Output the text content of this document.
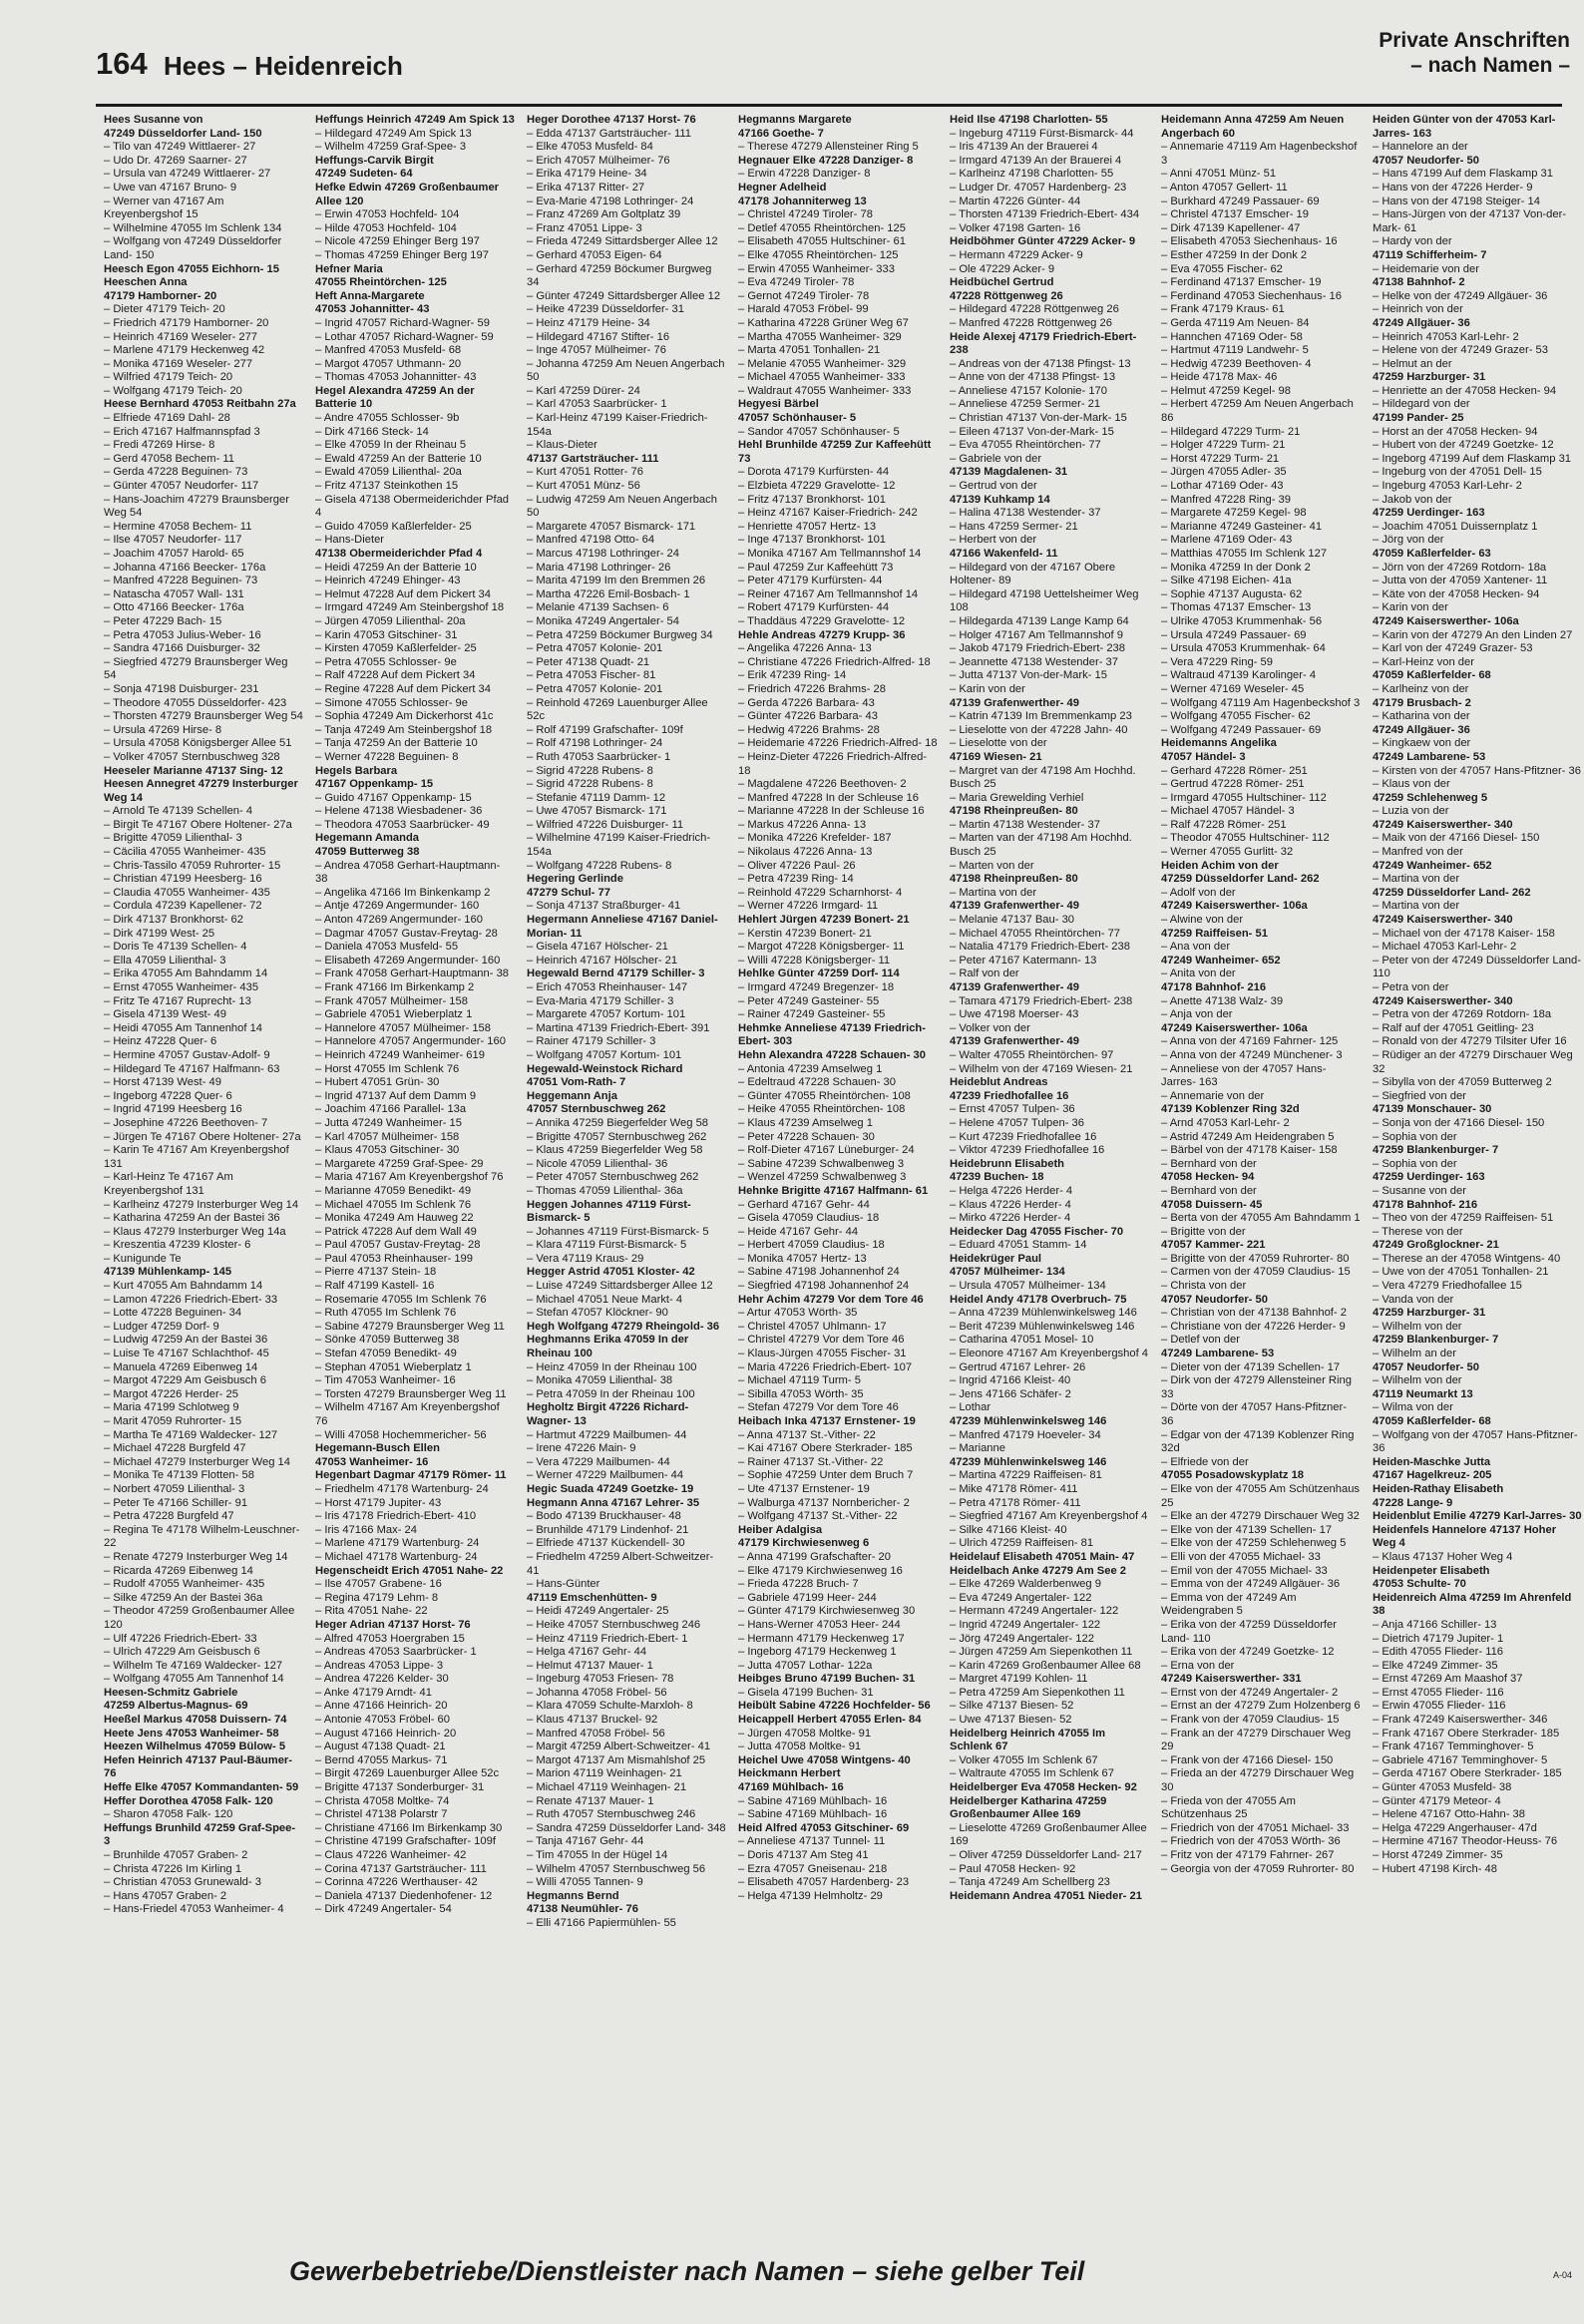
164 Hees – Heidenreich
Private Anschriften
– nach Namen –

Hees Susanne von

47249 Düsseldorfer Land- 150

– Tilo van 47249 Wittlaerer- 27

– Udo Dr. 47269 Saarner- 27

– Ursula van 47249 Wittlaerer- 27

– Uwe van 47167 Bruno- 9

– Werner van 47167 Am Kreyenbergshof 15

– Wilhelmine 47055 Im Schlenk 134

– Wolfgang von 47249 Düsseldorfer Land- 150

Heesch Egon 47055 Eichhorn- 15

Heeschen Anna

47179 Hamborner- 20

– Dieter 47179 Teich- 20

– Friedrich 47179 Hamborner- 20

– Heinrich 47169 Weseler- 277

– Marlene 47179 Heckenweg 42

– Monika 47169 Weseler- 277

– Wilfried 47179 Teich- 20

– Wolfgang 47179 Teich- 20

Heese Bernhard 47053 Reitbahn 27a

– Elfriede 47169 Dahl- 28

– Erich 47167 Halfmannspfad 3

– Fredi 47269 Hirse- 8

– Gerd 47058 Bechem- 11

– Gerda 47228 Beguinen- 73

– Günter 47057 Neudorfer- 117

– Hans-Joachim 47279 Braunsberger Weg 54

– Hermine 47058 Bechem- 11

– Ilse 47057 Neudorfer- 117

– Joachim 47057 Harold- 65

– Johanna 47166 Beecker- 176a

– Manfred 47228 Beguinen- 73

– Natascha 47057 Wall- 131

– Otto 47166 Beecker- 176a

– Peter 47229 Bach- 15

– Petra 47053 Julius-Weber- 16

– Sandra 47166 Duisburger- 32

– Siegfried 47279 Braunsberger Weg 54

– Sonja 47198 Duisburger- 231

– Theodore 47055 Düsseldorfer- 423

– Thorsten 47279 Braunsberger Weg 54

– Ursula 47269 Hirse- 8

– Ursula 47058 Königsberger Allee 51

– Volker 47057 Sternbuschweg 328

Heeseler Marianne 47137 Sing- 12

Heesen Annegret 47279 Insterburger Weg 14

– Arnold Te 47139 Schellen- 4

– Birgit Te 47167 Obere Holtener- 27a

– Brigitte 47059 Lilienthal- 3

– Cäcilia 47055 Wanheimer- 435

– Chris-Tassilo 47059 Ruhrorter- 15

– Christian 47199 Heesberg- 16

– Claudia 47055 Wanheimer- 435

– Cordula 47239 Kapellener- 72

– Dirk 47137 Bronkhorst- 62

– Dirk 47199 West- 25

– Doris Te 47139 Schellen- 4

– Ella 47059 Lilienthal- 3

– Erika 47055 Am Bahndamm 14

– Ernst 47055 Wanheimer- 435

– Fritz Te 47167 Ruprecht- 13

– Gisela 47139 West- 49

– Heidi 47055 Am Tannenhof 14

– Heinz 47228 Quer- 6

– Hermine 47057 Gustav-Adolf- 9

– Hildegard Te 47167 Halfmann- 63

– Horst 47139 West- 49

– Ingeborg 47228 Quer- 6

– Ingrid 47199 Heesberg 16

– Josephine 47226 Beethoven- 7

– Jürgen Te 47167 Obere Holtener- 27a

– Karin Te 47167 Am Kreyenbergshof 131

– Karl-Heinz Te 47167 Am Kreyenbergshof 131

– Karlheinz 47279 Insterburger Weg 14

– Katharina 47259 An der Bastei 36

– Klaus 47279 Insterburger Weg 14a

– Kreszentia 47239 Kloster- 6

– Kunigunde Te

47139 Mühlenkamp- 145

– Kurt 47055 Am Bahndamm 14

– Lamon 47226 Friedrich-Ebert- 33

– Lotte 47228 Beguinen- 34

– Ludger 47259 Dorf- 9

– Ludwig 47259 An der Bastei 36

– Luise Te 47167 Schlachthof- 45

– Manuela 47269 Eibenweg 14

– Margot 47229 Am Geisbusch 6

– Margot 47226 Herder- 25

– Maria 47199 Schlotweg 9

– Marit 47059 Ruhrorter- 15

– Martha Te 47169 Waldecker- 127

– Michael 47228 Burgfeld 47

– Michael 47279 Insterburger Weg 14

– Monika Te 47139 Flotten- 58

– Norbert 47059 Lilienthal- 3

– Peter Te 47166 Schiller- 91

– Petra 47228 Burgfeld 47

– Regina Te 47178 Wilhelm-Leuschner- 22

– Renate 47279 Insterburger Weg 14

– Ricarda 47269 Eibenweg 14

– Rudolf 47055 Wanheimer- 435

– Silke 47259 An der Bastei 36a

– Theodor 47259 Großenbaumer Allee 120

– Ulf 47226 Friedrich-Ebert- 33

– Ulrich 47229 Am Geisbusch 6

– Wilhelm Te 47169 Waldecker- 127

– Wolfgang 47055 Am Tannenhof 14

Heesen-Schmitz Gabriele

47259 Albertus-Magnus- 69

Heeßel Markus 47058 Duissern- 74

Heete Jens 47053 Wanheimer- 58

Heezen Wilhelmus 47059 Bülow- 5

Hefen Heinrich 47137 Paul-Bäumer- 76

Heffe Elke 47057 Kommandanten- 59

Heffer Dorothea 47058 Falk- 120

– Sharon 47058 Falk- 120

Heffungs Brunhild 47259 Graf-Spee- 3

– Brunhilde 47057 Graben- 2

– Christa 47226 Im Kirling 1

– Christian 47053 Grunewald- 3

– Hans 47057 Graben- 2

– Hans-Friedel 47053 Wanheimer- 4

Heffungs Heinrich 47249 Am Spick 13

– Hildegard 47249 Am Spick 13

– Wilhelm 47259 Graf-Spee- 3

Heffungs-Carvik Birgit

47249 Sudeten- 64

Hefke Edwin 47269 Großenbaumer Allee 120

– Erwin 47053 Hochfeld- 104

– Hilde 47053 Hochfeld- 104

– Nicole 47259 Ehinger Berg 197

– Thomas 47259 Ehinger Berg 197

Hefner Maria

47055 Rheintörchen- 125

Heft Anna-Margarete

47053 Johannitter- 43

– Ingrid 47057 Richard-Wagner- 59

– Lothar 47057 Richard-Wagner- 59

– Manfred 47053 Musfeld- 68

– Margot 47057 Uthmann- 20

– Thomas 47053 Johannitter- 43

Hegel Alexandra 47259 An der Batterie 10

– Andre 47055 Schlosser- 9b

– Dirk 47166 Steck- 14

– Elke 47059 In der Rheinau 5

– Ewald 47259 An der Batterie 10

– Ewald 47059 Lilienthal- 20a

– Fritz 47137 Steinkothen 15

– Gisela 47138 Obermeiderichder Pfad 4

– Guido 47059 Kaßlerfelder- 25

– Hans-Dieter

47138 Obermeiderichder Pfad 4

– Heidi 47259 An der Batterie 10

– Heinrich 47249 Ehinger- 43

– Helmut 47228 Auf dem Pickert 34

– Irmgard 47249 Am Steinbergshof 18

– Jürgen 47059 Lilienthal- 20a

– Karin 47053 Gitschiner- 31

– Kirsten 47059 Kaßlerfelder- 25

– Petra 47055 Schlosser- 9e

– Ralf 47228 Auf dem Pickert 34

– Regine 47228 Auf dem Pickert 34

– Simone 47055 Schlosser- 9e

– Sophia 47249 Am Dickerhorst 41c

– Tanja 47249 Am Steinbergshof 18

– Tanja 47259 An der Batterie 10

– Werner 47228 Beguinen- 8

Hegels Barbara

47167 Oppenkamp- 15

– Guido 47167 Oppenkamp- 15

– Helene 47138 Wiesbadener- 36

– Theodora 47053 Saarbrücker- 49

Hegemann Amanda

47059 Butterweg 38

– Andrea 47058 Gerhart-Hauptmann- 38

– Angelika 47166 Im Binkenkamp 2

– Antje 47269 Angermunder- 160

– Anton 47269 Angermunder- 160

– Dagmar 47057 Gustav-Freytag- 28

– Daniela 47053 Musfeld- 55

– Elisabeth 47269 Angermunder- 160

– Frank 47058 Gerhart-Hauptmann- 38

– Frank 47166 Im Birkenkamp 2

– Frank 47057 Mülheimer- 158

– Gabriele 47051 Wieberplatz 1

– Hannelore 47057 Mülheimer- 158

– Hannelore 47057 Angermunder- 160

– Heinrich 47249 Wanheimer- 619

– Horst 47055 Im Schlenk 76

– Hubert 47051 Grün- 30

– Ingrid 47137 Auf dem Damm 9

– Joachim 47166 Parallel- 13a

– Jutta 47249 Wanheimer- 15

– Karl 47057 Mülheimer- 158

– Klaus 47053 Gitschiner- 30

– Margarete 47259 Graf-Spee- 29

– Maria 47167 Am Kreyenbergshof 76

– Marianne 47059 Benedikt- 49

– Michael 47055 Im Schlenk 76

– Monika 47249 Am Hauweg 22

– Patrick 47228 Auf dem Wall 49

– Paul 47057 Gustav-Freytag- 28

– Paul 47053 Rheinhauser- 199

– Pierre 47137 Stein- 18

– Ralf 47199 Kastell- 16

– Rosemarie 47055 Im Schlenk 76

– Ruth 47055 Im Schlenk 76

– Sabine 47279 Braunsberger Weg 11

– Sönke 47059 Butterweg 38

– Stefan 47059 Benedikt- 49

– Stephan 47051 Wieberplatz 1

– Tim 47053 Wanheimer- 16

– Torsten 47279 Braunsberger Weg 11

– Wilhelm 47167 Am Kreyenbergshof 76

– Willi 47058 Hochemmericher- 56

Hegemann-Busch Ellen

47053 Wanheimer- 16

Hegenbart Dagmar 47179 Römer- 11

– Friedhelm 47178 Wartenburg- 24

– Horst 47179 Jupiter- 43

– Iris 47178 Friedrich-Ebert- 410

– Iris 47166 Max- 24

– Marlene 47179 Wartenburg- 24

– Michael 47178 Wartenburg- 24

Hegenscheidt Erich 47051 Nahe- 22

– Ilse 47057 Grabene- 16

– Regina 47179 Lehm- 8

– Rita 47051 Nahe- 22

Heger Adrian 47137 Horst- 76

– Alfred 47053 Hoergraben 15

– Andreas 47053 Saarbrücker- 1

– Andreas 47053 Lippe- 3

– Andrea 47226 Kelder- 30

– Anke 47179 Arndt- 41

– Anne 47166 Heinrich- 20

– Antonie 47053 Fröbel- 60

– August 47166 Heinrich- 20

– August 47138 Quadt- 21

– Bernd 47055 Markus- 71

– Birgit 47269 Lauenburger Allee 52c

– Brigitte 47137 Sonderburger- 31

– Christa 47058 Moltke- 74

– Christel 47138 Polarstr 7

– Christiane 47166 Im Birkenkamp 30

– Christine 47199 Grafschafter- 109f

– Claus 47226 Wanheimer- 42

– Corina 47137 Gartsträucher- 111

– Corinna 47226 Werthauser- 42

– Daniela 47137 Diedenhofener- 12

– Dirk 47249 Angertaler- 54

Heger Dorothee 47137 Horst- 76

– Edda 47137 Gartsträucher- 111

– Elke 47053 Musfeld- 84

– Erich 47057 Mülheimer- 76

– Erika 47179 Heine- 34

– Erika 47137 Ritter- 27

– Eva-Marie 47198 Lothringer- 24

– Franz 47269 Am Goltplatz 39

– Franz 47051 Lippe- 3

– Frieda 47249 Sittardsberger Allee 12

– Gerhard 47053 Eigen- 64

– Gerhard 47259 Böckumer Burgweg 34

– Günter 47249 Sittardsberger Allee 12

– Heike 47239 Düsseldorfer- 31

– Heinz 47179 Heine- 34

– Hildegard 47167 Stifter- 16

– Inge 47057 Mülheimer- 76

– Johanna 47259 Am Neuen Angerbach 50

– Karl 47259 Dürer- 24

– Karl 47053 Saarbrücker- 1

– Karl-Heinz 47199 Kaiser-Friedrich- 154a

– Klaus-Dieter

47137 Gartsträucher- 111

– Kurt 47051 Rotter- 76

– Kurt 47051 Münz- 56

– Ludwig 47259 Am Neuen Angerbach 50

– Margarete 47057 Bismarck- 171

– Manfred 47198 Otto- 64

– Marcus 47198 Lothringer- 24

– Maria 47198 Lothringer- 26

– Marita 47199 Im den Bremmen 26

– Martha 47226 Emil-Bosbach- 1

– Melanie 47139 Sachsen- 6

– Monika 47249 Angertaler- 54

– Petra 47259 Böckumer Burgweg 34

– Petra 47057 Kolonie- 201

– Peter 47138 Quadt- 21

– Petra 47053 Fischer- 81

– Petra 47057 Kolonie- 201

– Reinhold 47269 Lauenburger Allee 52c

– Rolf 47199 Grafschafter- 109f

– Rolf 47198 Lothringer- 24

– Ruth 47053 Saarbrücker- 1

– Sigrid 47228 Rubens- 8

– Sigrid 47228 Rubens- 8

– Stefanie 47119 Damm- 12

– Uwe 47057 Bismarck- 171

– Wilfried 47226 Duisburger- 11

– Wilhelmine 47199 Kaiser-Friedrich- 154a

– Wolfgang 47228 Rubens- 8

Hegering Gerlinde

47279 Schul- 77

– Sonja 47137 Straßburger- 41

Hegermann Anneliese 47167 Daniel-Morian- 11

– Gisela 47167 Hölscher- 21

– Heinrich 47167 Hölscher- 21

Hegewald Bernd 47179 Schiller- 3

– Erich 47053 Rheinhauser- 147

– Eva-Maria 47179 Schiller- 3

– Margarete 47057 Kortum- 101

– Martina 47139 Friedrich-Ebert- 391

– Rainer 47179 Schiller- 3

– Wolfgang 47057 Kortum- 101

Hegewald-Weinstock Richard

47051 Vom-Rath- 7

Heggemann Anja

47057 Sternbuschweg 262

– Annika 47259 Biegerfelder Weg 58

– Brigitte 47057 Sternbuschweg 262

– Klaus 47259 Biegerfelder Weg 58

– Nicole 47059 Lilienthal- 36

– Peter 47057 Sternbuschweg 262

– Thomas 47059 Lilienthal- 36a

Heggen Johannes 47119 Fürst-Bismarck- 5

– Johannes 47119 Fürst-Bismarck- 5

– Klara 47119 Fürst-Bismarck- 5

– Vera 47119 Kraus- 29

Hegger Astrid 47051 Kloster- 42

– Luise 47249 Sittardsberger Allee 12

– Michael 47051 Neue Markt- 4

– Stefan 47057 Klöckner- 90

Hegh Wolfgang 47279 Rheingold- 36

Heghmanns Erika 47059 In der Rheinau 100

– Heinz 47059 In der Rheinau 100

– Monika 47059 Lilienthal- 38

– Petra 47059 In der Rheinau 100

Hegholtz Birgit 47226 Richard-Wagner- 13

– Hartmut 47229 Mailbumen- 44

– Irene 47226 Main- 9

– Vera 47229 Mailbumen- 44

– Werner 47229 Mailbumen- 44

Hegic Suada 47249 Goetzke- 19

Hegmann Anna 47167 Lehrer- 35

– Bodo 47139 Bruckhauser- 48

– Brunhilde 47179 Lindenhof- 21

– Elfriede 47137 Kückendell- 30

– Friedhelm 47259 Albert-Schweitzer- 41

– Hans-Günter

47119 Emschenhütten- 9

– Heidi 47249 Angertaler- 25

– Heike 47057 Sternbuschweg 246

– Heinz 47119 Friedrich-Ebert- 1

– Helga 47167 Gehr- 44

– Helmut 47137 Mauer- 1

– Ingeburg 47053 Friesen- 78

– Johanna 47058 Fröbel- 56

– Klara 47059 Schulte-Marxloh- 8

– Klaus 47137 Bruckel- 92

– Manfred 47058 Fröbel- 56

– Margit 47259 Albert-Schweitzer- 41

– Margot 47137 Am Mismahlshof 25

– Marion 47119 Weinhagen- 21

– Michael 47119 Weinhagen- 21

– Renate 47137 Mauer- 1

– Ruth 47057 Sternbuschweg 246

– Sandra 47259 Düsseldorfer Land- 348

– Tanja 47167 Gehr- 44

– Tim 47055 In der Hügel 14

– Wilhelm 47057 Sternbuschweg 56

– Willi 47055 Tannen- 9

Hegmanns Bernd

47138 Neumühler- 76

– Elli 47166 Papiermühlen- 55

Hegmanns Margarete

47166 Goethe- 7

– Therese 47279 Allensteiner Ring 5

Hegnauer Elke 47228 Danziger- 8

– Erwin 47228 Danziger- 8

Hegner Adelheid

47178 Johanniterweg 13

– Christel 47249 Tiroler- 78

– Detlef 47055 Rheintörchen- 125

– Elisabeth 47055 Hultschiner- 61

– Elke 47055 Rheintörchen- 125

– Erwin 47055 Wanheimer- 333

– Eva 47249 Tiroler- 78

– Gernot 47249 Tiroler- 78

– Harald 47053 Fröbel- 99

– Katharina 47228 Grüner Weg 67

– Martha 47055 Wanheimer- 329

– Marta 47051 Tonhallen- 21

– Melanie 47055 Wanheimer- 329

– Michael 47055 Wanheimer- 333

– Waldraut 47055 Wanheimer- 333

Hegyesi Bärbel

47057 Schönhauser- 5

– Sandor 47057 Schönhauser- 5

Hehl Brunhilde 47259 Zur Kaffeehütt 73

– Dorota 47179 Kurfürsten- 44

– Elzbieta 47229 Gravelotte- 12

– Fritz 47137 Bronkhorst- 101

– Heinz 47167 Kaiser-Friedrich- 242

– Henriette 47057 Hertz- 13

– Inge 47137 Bronkhorst- 101

– Monika 47167 Am Tellmannshof 14

– Paul 47259 Zur Kaffeehütt 73

– Peter 47179 Kurfürsten- 44

– Reiner 47167 Am Tellmannshof 14

– Robert 47179 Kurfürsten- 44

– Thaddäus 47229 Gravelotte- 12

Hehle Andreas 47279 Krupp- 36

– Angelika 47226 Anna- 13

– Christiane 47226 Friedrich-Alfred- 18

– Erik 47239 Ring- 14

– Friedrich 47226 Brahms- 28

– Gerda 47226 Barbara- 43

– Günter 47226 Barbara- 43

– Hedwig 47226 Brahms- 28

– Heidemarie 47226 Friedrich-Alfred- 18

– Heinz-Dieter 47226 Friedrich-Alfred- 18

– Magdalene 47226 Beethoven- 2

– Manfred 47228 In der Schleuse 16

– Marianne 47228 In der Schleuse 16

– Markus 47226 Anna- 13

– Monika 47226 Krefelder- 187

– Nikolaus 47226 Anna- 13

– Oliver 47226 Paul- 26

– Petra 47239 Ring- 14

– Reinhold 47229 Scharnhorst- 4

– Werner 47226 Irmgard- 11

Hehlert Jürgen 47239 Bonert- 21

– Kerstin 47239 Bonert- 21

– Margot 47228 Königsberger- 11

– Willi 47228 Königsberger- 11

Hehlke Günter 47259 Dorf- 114

– Irmgard 47249 Bregenzer- 18

– Peter 47249 Gasteiner- 55

– Rainer 47249 Gasteiner- 55

Hehmke Anneliese 47139 Friedrich-Ebert- 303

Hehn Alexandra 47228 Schauen- 30

– Antonia 47239 Amselweg 1

– Edeltraud 47228 Schauen- 30

– Günter 47055 Rheintörchen- 108

– Heike 47055 Rheintörchen- 108

– Klaus 47239 Amselweg 1

– Peter 47228 Schauen- 30

– Rolf-Dieter 47167 Lüneburger- 24

– Sabine 47239 Schwalbenweg 3

– Wenzel 47259 Schwalbenweg 3

Hehnke Brigitte 47167 Halfmann- 61

– Gerhard 47167 Gehr- 44

– Gisela 47059 Claudius- 18

– Heide 47167 Gehr- 44

– Herbert 47059 Claudius- 18

– Monika 47057 Hertz- 13

– Sabine 47198 Johannenhof 24

– Siegfried 47198 Johannenhof 24

Hehr Achim 47279 Vor dem Tore 46

– Artur 47053 Wörth- 35

– Christel 47057 Uhlmann- 17

– Christel 47279 Vor dem Tore 46

– Klaus-Jürgen 47055 Fischer- 31

– Maria 47226 Friedrich-Ebert- 107

– Michael 47119 Turm- 5

– Sibilla 47053 Wörth- 35

– Stefan 47279 Vor dem Tore 46

Heibach Inka 47137 Ernstener- 19

– Anna 47137 St.-Vither- 22

– Kai 47167 Obere Sterkrader- 185

– Rainer 47137 St.-Vither- 22

– Sophie 47259 Unter dem Bruch 7

– Ute 47137 Ernstener- 19

– Walburga 47137 Nornbericher- 2

– Wolfgang 47137 St.-Vither- 22

Heiber Adalgisa

47179 Kirchwiesenweg 6

– Anna 47199 Grafschafter- 20

– Elke 47179 Kirchwiesenweg 16

– Frieda 47228 Bruch- 7

– Gabriele 47199 Heer- 244

– Günter 47179 Kirchwiesenweg 30

– Hans-Werner 47053 Heer- 244

– Hermann 47179 Heckenweg 17

– Ingeborg 47179 Heckenweg 1

– Jutta 47057 Lothar- 122a

Heibges Bruno 47199 Buchen- 31

– Gisela 47199 Buchen- 31

Heibült Sabine 47226 Hochfelder- 56

Heicappell Herbert 47055 Erlen- 84

– Jürgen 47058 Moltke- 91

– Jutta 47058 Moltke- 91

Heichel Uwe 47058 Wintgens- 40

Heickmann Herbert

47169 Mühlbach- 16

– Sabine 47169 Mühlbach- 16

– Sabine 47169 Mühlbach- 16

Heid Alfred 47053 Gitschiner- 69

– Anneliese 47137 Tunnel- 11

– Doris 47137 Am Steg 41

– Ezra 47057 Gneisenau- 218

– Elisabeth 47057 Hardenberg- 23

– Helga 47139 Helmholtz- 29

Heid Ilse 47198 Charlotten- 55

– Ingeburg 47119 Fürst-Bismarck- 44

– Iris 47139 An der Brauerei 4

– Irmgard 47139 An der Brauerei 4

– Karlheinz 47198 Charlotten- 55

– Ludger Dr. 47057 Hardenberg- 23

– Martin 47226 Günter- 44

– Thorsten 47139 Friedrich-Ebert- 434

– Volker 47198 Garten- 16

Heidböhmer Günter 47229 Acker- 9

– Hermann 47229 Acker- 9

– Ole 47229 Acker- 9

Heidbüchel Gertrud

47228 Röttgenweg 26

– Hildegard 47228 Röttgenweg 26

– Manfred 47228 Röttgenweg 26

Heide Alexej 47179 Friedrich-Ebert- 238

– Andreas von der 47138 Pfingst- 13

– Anne von der 47138 Pfingst- 13

– Anneliese 47157 Kolonie- 170

– Anneliese 47259 Sermer- 21

– Christian 47137 Von-der-Mark- 15

– Eileen 47137 Von-der-Mark- 15

– Eva 47055 Rheintörchen- 77

– Gabriele von der

47139 Magdalenen- 31

– Gertrud von der

47139 Kuhkamp 14

– Halina 47138 Westender- 37

– Hans 47259 Sermer- 21

– Herbert von der

47166 Wakenfeld- 11

– Hildegard von der 47167 Obere Holtener- 89

– Hildegard 47198 Uettelsheimer Weg 108

– Hildegarda 47139 Lange Kamp 64

– Holger 47167 Am Tellmannshof 9

– Jakob 47179 Friedrich-Ebert- 238

– Jeannette 47138 Westender- 37

– Jutta 47137 Von-der-Mark- 15

– Karin von der

47139 Grafenwerther- 49

– Katrin 47139 Im Bremmenkamp 23

– Lieselotte von der 47228 Jahn- 40

– Lieselotte von der

47169 Wiesen- 21

– Margret van der 47198 Am Hochhd. Busch 25

– Maria Grewelding Verhiel

47198 Rheinpreußen- 80

– Martin 47138 Westender- 37

– Marten van der 47198 Am Hochhd. Busch 25

– Marten von der

47198 Rheinpreußen- 80

– Martina von der

47139 Grafenwerther- 49

– Melanie 47137 Bau- 30

– Michael 47055 Rheintörchen- 77

– Natalia 47179 Friedrich-Ebert- 238

– Peter 47167 Katermann- 13

– Ralf von der

47139 Grafenwerther- 49

– Tamara 47179 Friedrich-Ebert- 238

– Uwe 47198 Moerser- 43

– Volker von der

47139 Grafenwerther- 49

– Walter 47055 Rheintörchen- 97

– Wilhelm von der 47169 Wiesen- 21

Heideblut Andreas

47239 Friedhofallee 16

– Ernst 47057 Tulpen- 36

– Helene 47057 Tulpen- 36

– Kurt 47239 Friedhofallee 16

– Viktor 47239 Friedhofallee 16

Heidebrunn Elisabeth

47239 Buchen- 18

– Helga 47226 Herder- 4

– Klaus 47226 Herder- 4

– Mirko 47226 Herder- 4

Heidecker Dag 47055 Fischer- 70

– Eduard 47051 Stamm- 14

Heidekrüger Paul

47057 Mülheimer- 134

– Ursula 47057 Mülheimer- 134

Heidel Andy 47178 Overbruch- 75

– Anna 47239 Mühlenwinkelsweg 146

– Berit 47239 Mühlenwinkelsweg 146

– Catharina 47051 Mosel- 10

– Eleonore 47167 Am Kreyenbergshof 4

– Gertrud 47167 Lehrer- 26

– Ingrid 47166 Kleist- 40

– Jens 47166 Schäfer- 2

– Lothar

47239 Mühlenwinkelsweg 146

– Manfred 47179 Hoeveler- 34

– Marianne

47239 Mühlenwinkelsweg 146

– Martina 47229 Raiffeisen- 81

– Mike 47178 Römer- 411

– Petra 47178 Römer- 411

– Siegfried 47167 Am Kreyenbergshof 4

– Silke 47166 Kleist- 40

– Ulrich 47259 Raiffeisen- 81

Heidelauf Elisabeth 47051 Main- 47

Heidelbach Anke 47279 Am See 2

– Elke 47269 Walderbenweg 9

– Eva 47249 Angertaler- 122

– Hermann 47249 Angertaler- 122

– Ingrid 47249 Angertaler- 122

– Jörg 47249 Angertaler- 122

– Jürgen 47259 Am Siepenkothen 11

– Karin 47269 Großenbaumer Allee 68

– Margret 47199 Kohlen- 11

– Petra 47259 Am Siepenkothen 11

– Silke 47137 Biesen- 52

– Uwe 47137 Biesen- 52

Heidelberg Heinrich 47055 Im Schlenk 67

– Volker 47055 Im Schlenk 67

– Waltraute 47055 Im Schlenk 67

Heidelberger Eva 47058 Hecken- 92

Heidelberger Katharina 47259 Großenbaumer Allee 169

– Lieselotte 47269 Großenbaumer Allee 169

– Oliver 47259 Düsseldorfer Land- 217

– Paul 47058 Hecken- 92

– Tanja 47249 Am Schellberg 23

Heidemann Andrea 47051 Nieder- 21

Heidemann Anna 47259 Am Neuen Angerbach 60

– Annemarie 47119 Am Hagenbeckshof 3

– Anni 47051 Münz- 51

– Anton 47057 Gellert- 11

– Burkhard 47249 Passauer- 69

– Christel 47137 Emscher- 19

– Dirk 47139 Kapellener- 47

– Elisabeth 47053 Siechenhaus- 16

– Esther 47259 In der Donk 2

– Eva 47055 Fischer- 62

– Ferdinand 47137 Emscher- 19

– Ferdinand 47053 Siechenhaus- 16

– Frank 47179 Kraus- 61

– Gerda 47119 Am Neuen- 84

– Hannchen 47169 Oder- 58

– Hartmut 47119 Landwehr- 5

– Hedwig 47239 Beethoven- 4

– Heide 47178 Max- 46

– Helmut 47259 Kegel- 98

– Herbert 47259 Am Neuen Angerbach 86

– Hildegard 47229 Turm- 21

– Holger 47229 Turm- 21

– Horst 47229 Turm- 21

– Jürgen 47055 Adler- 35

– Lothar 47169 Oder- 43

– Manfred 47228 Ring- 39

– Margarete 47259 Kegel- 98

– Marianne 47249 Gasteiner- 41

– Marlene 47169 Oder- 43

– Matthias 47055 Im Schlenk 127

– Monika 47259 In der Donk 2

– Silke 47198 Eichen- 41a

– Sophie 47137 Augusta- 62

– Thomas 47137 Emscher- 13

– Ulrike 47053 Krummenhak- 56

– Ursula 47249 Passauer- 69

– Ursula 47053 Krummenhak- 64

– Vera 47229 Ring- 59

– Waltraud 47139 Karolinger- 4

– Werner 47169 Weseler- 45

– Wolfgang 47119 Am Hagenbeckshof 3

– Wolfgang 47055 Fischer- 62

– Wolfgang 47249 Passauer- 69

Heidemanns Angelika

47057 Händel- 3

– Gerhard 47228 Römer- 251

– Gertrud 47228 Römer- 251

– Irmgard 47055 Hultschiner- 112

– Michael 47057 Händel- 3

– Ralf 47228 Römer- 251

– Theodor 47055 Hultschiner- 112

– Werner 47055 Gurlitt- 32

Heiden Achim von der

47259 Düsseldorfer Land- 262

– Adolf von der

47249 Kaiserswerther- 106a

– Alwine von der

47259 Raiffeisen- 51

– Ana von der

47249 Wanheimer- 652

– Anita von der

47178 Bahnhof- 216

– Anette 47138 Walz- 39

– Anja von der

47249 Kaiserswerther- 106a

– Anna von der 47169 Fahrner- 125

– Anna von der 47249 Münchener- 3

– Anneliese von der 47057 Hans-Jarres- 163

– Annemarie von der

47139 Koblenzer Ring 32d

– Arnd 47053 Karl-Lehr- 2

– Astrid 47249 Am Heidengraben 5

– Bärbel von der 47178 Kaiser- 158

– Bernhard von der

47058 Hecken- 94

– Bernhard von der

47058 Duissern- 45

– Berta von der 47055 Am Bahndamm 1

– Brigitte von der

47057 Kammer- 221

– Brigitte von der 47059 Ruhrorter- 80

– Carmen von der 47059 Claudius- 15

– Christa von der

47057 Neudorfer- 50

– Christian von der 47138 Bahnhof- 2

– Christiane von der 47226 Herder- 9

– Detlef von der

47249 Lambarene- 53

– Dieter von der 47139 Schellen- 17

– Dirk von der 47279 Allensteiner Ring 33

– Dörte von der 47057 Hans-Pfitzner- 36

– Edgar von der 47139 Koblenzer Ring 32d

– Elfriede von der

47055 Posadowskyplatz 18

– Elke von der 47055 Am Schützenhaus 25

– Elke an der 47279 Dirschauer Weg 32

– Elke von der 47139 Schellen- 17

– Elke von der 47259 Schlehenweg 5

– Elli von der 47055 Michael- 33

– Emil von der 47055 Michael- 33

– Emma von der 47249 Allgäuer- 36

– Emma von der 47249 Am Weidengraben 5

– Erika von der 47259 Düsseldorfer Land- 110

– Erika von der 47249 Goetzke- 12

– Erna von der

47249 Kaiserswerther- 331

– Ernst von der 47249 Angertaler- 2

– Ernst an der 47279 Zum Holzenberg 6

– Frank von der 47059 Claudius- 15

– Frank an der 47279 Dirschauer Weg 29

– Frank von der 47166 Diesel- 150

– Frieda an der 47279 Dirschauer Weg 30

– Frieda von der 47055 Am Schützenhaus 25

– Friedrich von der 47051 Michael- 33

– Friedrich von der 47053 Wörth- 36

– Fritz von der 47179 Fahrner- 267

– Georgia von der 47059 Ruhrorter- 80

Heiden Günter von der 47053 Karl-Jarres- 163

– Hannelore an der

47057 Neudorfer- 50

– Hans 47199 Auf dem Flaskamp 31

– Hans von der 47226 Herder- 9

– Hans von der 47198 Steiger- 14

– Hans-Jürgen von der 47137 Von-der-Mark- 61

– Hardy von der

47119 Schifferheim- 7

– Heidemarie von der

47138 Bahnhof- 2

– Helke von der 47249 Allgäuer- 36

– Heinrich von der

47249 Allgäuer- 36

– Heinrich 47053 Karl-Lehr- 2

– Helene von der 47249 Grazer- 53

– Helmut an der

47259 Harzburger- 31

– Henriette an der 47058 Hecken- 94

– Hildegard von der

47199 Pander- 25

– Horst an der 47058 Hecken- 94

– Hubert von der 47249 Goetzke- 12

– Ingeborg 47199 Auf dem Flaskamp 31

– Ingeburg von der 47051 Dell- 15

– Ingeburg 47053 Karl-Lehr- 2

– Jakob von der

47259 Uerdinger- 163

– Joachim 47051 Duissernplatz 1

– Jörg von der

47059 Kaßlerfelder- 63

– Jörn von der 47269 Rotdorn- 18a

– Jutta von der 47059 Xantener- 11

– Käte von der 47058 Hecken- 94

– Karin von der

47249 Kaiserswerther- 106a

– Karin von der 47279 An den Linden 27

– Karl von der 47249 Grazer- 53

– Karl-Heinz von der

47059 Kaßlerfelder- 68

– Karlheinz von der

47179 Brusbach- 2

– Katharina von der

47249 Allgäuer- 36

– Kingkaew von der

47249 Lambarene- 53

– Kirsten von der 47057 Hans-Pfitzner- 36

– Klaus von der

47259 Schlehenweg 5

– Luzia von der

47249 Kaiserswerther- 340

– Maik von der 47166 Diesel- 150

– Manfred von der

47249 Wanheimer- 652

– Martina von der

47259 Düsseldorfer Land- 262

– Martina von der

47249 Kaiserswerther- 340

– Michael von der 47178 Kaiser- 158

– Michael 47053 Karl-Lehr- 2

– Peter von der 47249 Düsseldorfer Land- 110

– Petra von der

47249 Kaiserswerther- 340

– Petra von der 47269 Rotdorn- 18a

– Ralf auf der 47051 Geitling- 23

– Ronald von der 47279 Tilsiter Ufer 16

– Rüdiger an der 47279 Dirschauer Weg 32

– Sibylla von der 47059 Butterweg 2

– Siegfried von der

47139 Monschauer- 30

– Sonja von der 47166 Diesel- 150

– Sophia von der

47259 Blankenburger- 7

– Sophia von der

47259 Uerdinger- 163

– Susanne von der

47178 Bahnhof- 216

– Theo von der 47259 Raiffeisen- 51

– Therese von der

47249 Großglockner- 21

– Therese an der 47058 Wintgens- 40

– Uwe von der 47051 Tonhallen- 21

– Vera 47279 Friedhofallee 15

– Vanda von der

47259 Harzburger- 31

– Wilhelm von der

47259 Blankenburger- 7

– Wilhelm an der

47057 Neudorfer- 50

– Wilhelm von der

47119 Neumarkt 13

– Wilma von der

47059 Kaßlerfelder- 68

– Wolfgang von der 47057 Hans-Pfitzner- 36

Heiden-Maschke Jutta

47167 Hagelkreuz- 205

Heiden-Rathay Elisabeth

47228 Lange- 9

Heidenblut Emilie 47279 Karl-Jarres- 30

Heidenfels Hannelore 47137 Hoher Weg 4

– Klaus 47137 Hoher Weg 4

Heidenpeter Elisabeth

47053 Schulte- 70

Heidenreich Alma 47259 Im Ahrenfeld 38

– Anja 47166 Schiller- 13

– Dietrich 47179 Jupiter- 1

– Edith 47055 Flieder- 116

– Elke 47249 Zimmer- 35

– Ernst 47269 Am Maashof 37

– Ernst 47055 Flieder- 116

– Erwin 47055 Flieder- 116

– Frank 47249 Kaiserswerther- 346

– Frank 47167 Obere Sterkrader- 185

– Frank 47167 Temminghover- 5

– Gabriele 47167 Temminghover- 5

– Gerda 47167 Obere Sterkrader- 185

– Günter 47053 Musfeld- 38

– Günter 47179 Meteor- 4

– Helene 47167 Otto-Hahn- 38

– Helga 47229 Angerhauser- 47d

– Hermine 47167 Theodor-Heuss- 76

– Horst 47249 Zimmer- 35

– Hubert 47198 Kirch- 48

Gewerbebetriebe/Dienstleister nach Namen – siehe gelber Teil	A-04
